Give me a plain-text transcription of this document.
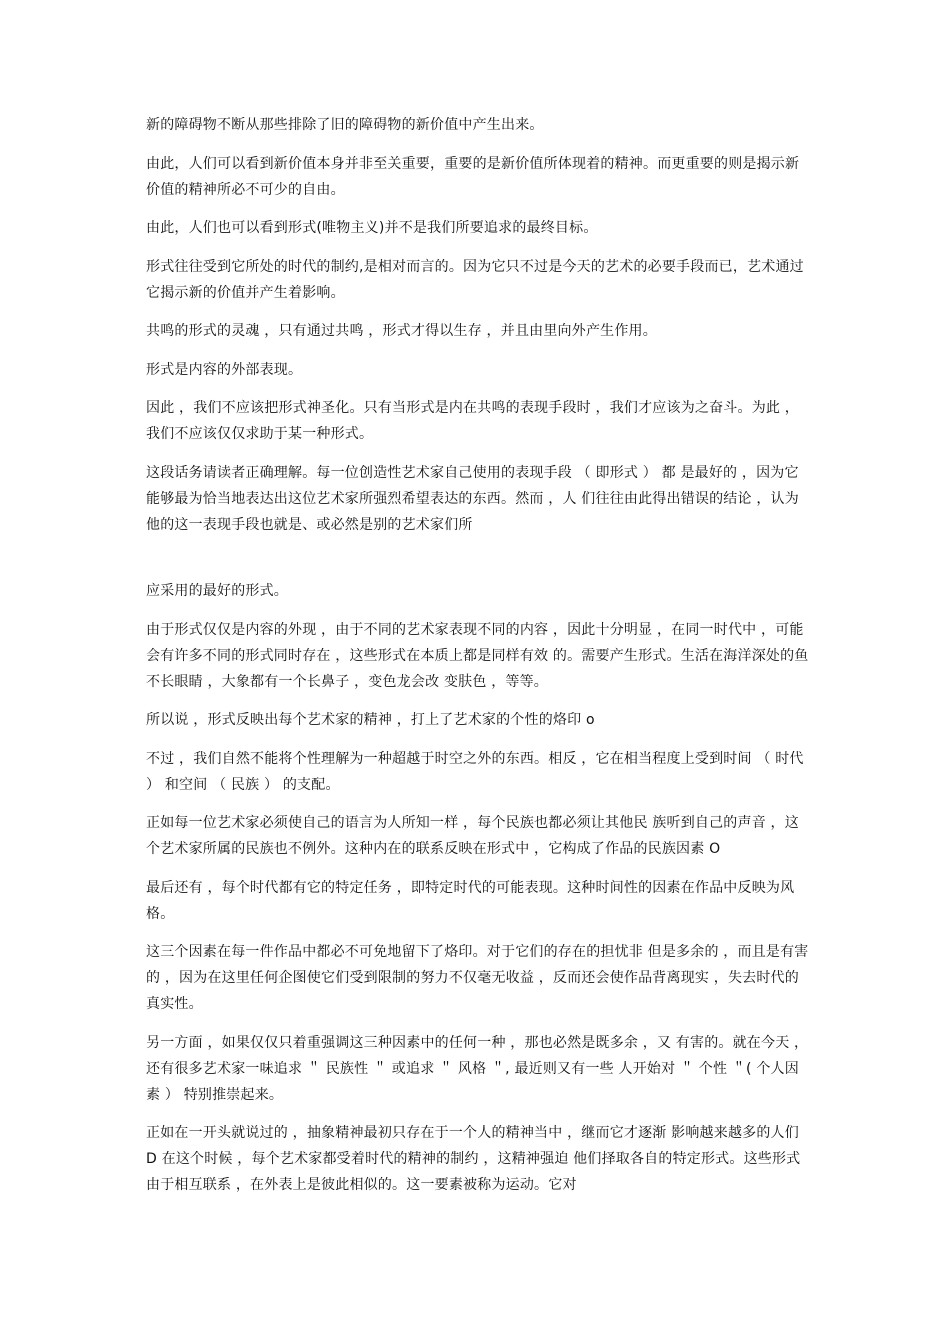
新的障碍物不断从那些排除了旧的障碍物的新价值中产生出来。

由此，人们可以看到新价值本身并非至关重要，重要的是新价值所体现着的精神。而更重要的则是揭示新价值的精神所必不可少的自由。

由此，人们也可以看到形式(唯物主义)并不是我们所要追求的最终目标。

形式往往受到它所处的时代的制约,是相对而言的。因为它只不过是今天的艺术的必要手段而已，艺术通过它揭示新的价值并产生着影响。

共鸣的形式的灵魂 ，只有通过共鸣 ，形式才得以生存 ，并且由里向外产生作用。

形式是内容的外部表现。

因此 ，我们不应该把形式神圣化。只有当形式是内在共鸣的表现手段时 ，我们才应该为之奋斗。为此 ，我们不应该仅仅求助于某一种形式。

这段话务请读者正确理解。每一位创造性艺术家自己使用的表现手段 （ 即形式 ） 都 是最好的 ，因为它能够最为恰当地表达出这位艺术家所强烈希望表达的东西。然而 ，人 们往往由此得出错误的结论 ，认为他的这一表现手段也就是、或必然是别的艺术家们所

应采用的最好的形式。

由于形式仅仅是内容的外现 ，由于不同的艺术家表现不同的内容 ，因此十分明显 ，在同一时代中 ，可能会有许多不同的形式同时存在 ，这些形式在本质上都是同样有效 的。需要产生形式。生活在海洋深处的鱼不长眼睛 ，大象都有一个长鼻子 ，变色龙会改 变肤色 ，等等。

所以说 ，形式反映出每个艺术家的精神 ，打上了艺术家的个性的烙印 o

不过 ，我们自然不能将个性理解为一种超越于时空之外的东西。相反 ，它在相当程度上受到时间 （ 时代 ） 和空间 （ 民族 ） 的支配。

正如每一位艺术家必须使自己的语言为人所知一样 ，每个民族也都必须让其他民 族听到自己的声音 ，这个艺术家所属的民族也不例外。这种内在的联系反映在形式中 ，它构成了作品的民族因素 O

最后还有 ，每个时代都有它的特定任务 ，即特定时代的可能表现。这种时间性的因素在作品中反映为风格。

这三个因素在每一件作品中都必不可免地留下了烙印。对于它们的存在的担忧非 但是多余的 ，而且是有害的 ，因为在这里任何企图使它们受到限制的努力不仅毫无收益 ，反而还会使作品背离现实 ，失去时代的真实性。

另一方面 ，如果仅仅只着重强调这三种因素中的任何一种 ，那也必然是既多余 ，又 有害的。就在今天 ，还有很多艺术家一味追求 ＂ 民族性 ＂ 或追求 ＂ 风格 ＂, 最近则又有一些 人开始对 ＂ 个性 ＂( 个人因素 ） 特别推崇起来。

正如在一开头就说过的 ，抽象精神最初只存在于一个人的精神当中 ，继而它才逐渐 影响越来越多的人们 D 在这个时候 ，每个艺术家都受着时代的精神的制约 ，这精神强迫 他们择取各自的特定形式。这些形式由于相互联系 ，在外表上是彼此相似的。这一要素被称为运动。它对
